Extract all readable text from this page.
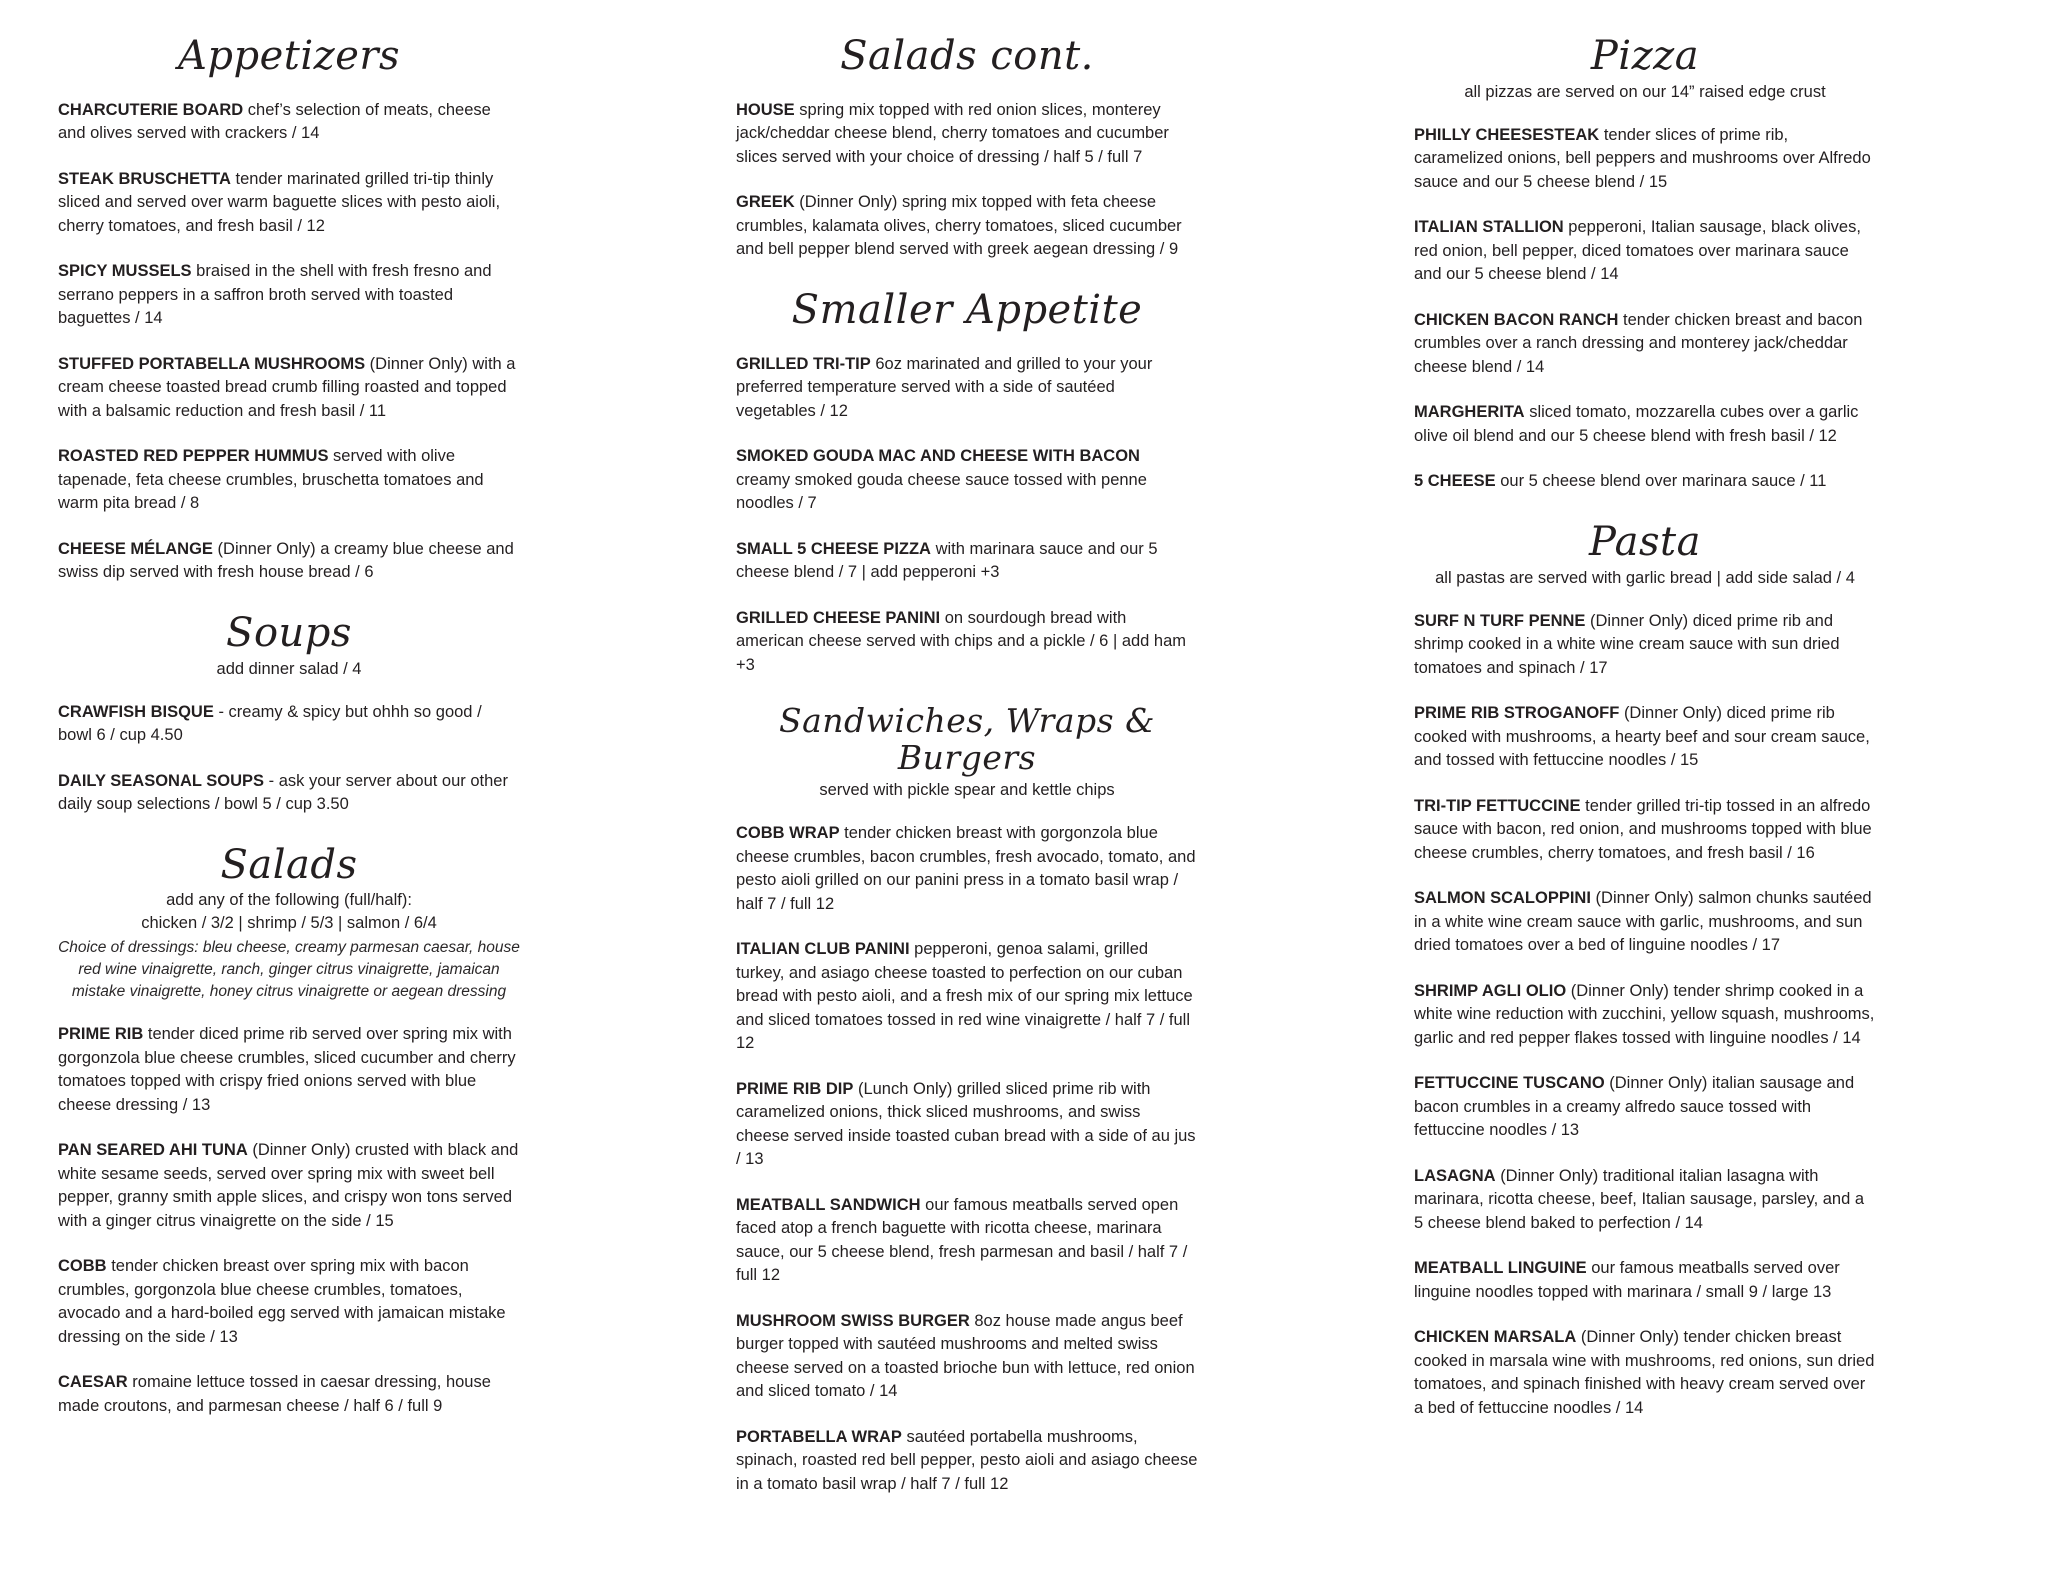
Appetizers

CHARCUTERIE BOARD chef’s selection of meats, cheese and olives served with crackers / 14

STEAK BRUSCHETTA tender marinated grilled tri-tip thinly sliced and served over warm baguette slices with pesto aioli, cherry tomatoes, and fresh basil / 12

SPICY MUSSELS braised in the shell with fresh fresno and serrano peppers in a saffron broth served with toasted baguettes / 14

STUFFED PORTABELLA MUSHROOMS (Dinner Only) with a cream cheese toasted bread crumb filling roasted and topped with a balsamic reduction and fresh basil / 11

ROASTED RED PEPPER HUMMUS served with olive tapenade, feta cheese crumbles, bruschetta tomatoes and warm pita bread / 8

CHEESE MÉLANGE (Dinner Only) a creamy blue cheese and swiss dip served with fresh house bread / 6

Soups

add dinner salad / 4

CRAWFISH BISQUE - creamy & spicy but ohhh so good / bowl 6 / cup 4.50

DAILY SEASONAL SOUPS - ask your server about our other daily soup selections / bowl 5 / cup 3.50

Salads

add any of the following (full/half):

chicken / 3/2 | shrimp / 5/3 | salmon / 6/4

Choice of dressings: bleu cheese, creamy parmesan caesar, house red wine vinaigrette, ranch, ginger citrus vinaigrette, jamaican mistake vinaigrette, honey citrus vinaigrette or aegean dressing

PRIME RIB tender diced prime rib served over spring mix with gorgonzola blue cheese crumbles, sliced cucumber and cherry tomatoes topped with crispy fried onions served with blue cheese dressing / 13

PAN SEARED AHI TUNA (Dinner Only) crusted with black and white sesame seeds, served over spring mix with sweet bell pepper, granny smith apple slices, and crispy won tons served with a ginger citrus vinaigrette on the side / 15

COBB tender chicken breast over spring mix with bacon crumbles, gorgonzola blue cheese crumbles, tomatoes, avocado and a hard-boiled egg served with jamaican mistake dressing on the side / 13

CAESAR romaine lettuce tossed in caesar dressing, house made croutons, and parmesan cheese / half 6 / full 9

Salads cont.

HOUSE spring mix topped with red onion slices, monterey jack/cheddar cheese blend, cherry tomatoes and cucumber slices served with your choice of dressing / half 5 / full 7

GREEK (Dinner Only) spring mix topped with feta cheese crumbles, kalamata olives, cherry tomatoes, sliced cucumber and bell pepper blend served with greek aegean dressing / 9

Smaller Appetite

GRILLED TRI-TIP 6oz marinated and grilled to your your preferred temperature served with a side of sautéed vegetables / 12

SMOKED GOUDA MAC AND CHEESE WITH BACON creamy smoked gouda cheese sauce tossed with penne noodles / 7

SMALL 5 CHEESE PIZZA with marinara sauce and our 5 cheese blend / 7 | add pepperoni +3

GRILLED CHEESE PANINI on sourdough bread with american cheese served with chips and a pickle / 6 | add ham +3

Sandwiches, Wraps & Burgers

served with pickle spear and kettle chips

COBB WRAP tender chicken breast with gorgonzola blue cheese crumbles, bacon crumbles, fresh avocado, tomato, and pesto aioli grilled on our panini press in a tomato basil wrap / half 7 / full 12

ITALIAN CLUB PANINI pepperoni, genoa salami, grilled turkey, and asiago cheese toasted to perfection on our cuban bread with pesto aioli, and a fresh mix of our spring mix lettuce and sliced tomatoes tossed in red wine vinaigrette / half 7 / full 12

PRIME RIB DIP (Lunch Only) grilled sliced prime rib with caramelized onions, thick sliced mushrooms, and swiss cheese served inside toasted cuban bread with a side of au jus / 13

MEATBALL SANDWICH our famous meatballs served open faced atop a french baguette with ricotta cheese, marinara sauce, our 5 cheese blend, fresh parmesan and basil / half 7 / full 12

MUSHROOM SWISS BURGER 8oz house made angus beef burger topped with sautéed mushrooms and melted swiss cheese served on a toasted brioche bun with lettuce, red onion and sliced tomato / 14

PORTABELLA WRAP sautéed portabella mushrooms, spinach, roasted red bell pepper, pesto aioli and asiago cheese in a tomato basil wrap / half 7 / full 12

Pizza

all pizzas are served on our 14” raised edge crust

PHILLY CHEESESTEAK tender slices of prime rib, caramelized onions, bell peppers and mushrooms over Alfredo sauce and our 5 cheese blend / 15

ITALIAN STALLION pepperoni, Italian sausage, black olives, red onion, bell pepper, diced tomatoes over marinara sauce and our 5 cheese blend / 14

CHICKEN BACON RANCH tender chicken breast and bacon crumbles over a ranch dressing and monterey jack/cheddar cheese blend / 14

MARGHERITA sliced tomato, mozzarella cubes over a garlic olive oil blend and our 5 cheese blend with fresh basil / 12

5 CHEESE our 5 cheese blend over marinara sauce / 11

Pasta

all pastas are served with garlic bread | add side salad / 4

SURF N TURF PENNE (Dinner Only) diced prime rib and shrimp cooked in a white wine cream sauce with sun dried tomatoes and spinach / 17

PRIME RIB STROGANOFF (Dinner Only) diced prime rib cooked with mushrooms, a hearty beef and sour cream sauce, and tossed with fettuccine noodles / 15

TRI-TIP FETTUCCINE tender grilled tri-tip tossed in an alfredo sauce with bacon, red onion, and mushrooms topped with blue cheese crumbles, cherry tomatoes, and fresh basil / 16

SALMON SCALOPPINI (Dinner Only) salmon chunks sautéed in a white wine cream sauce with garlic, mushrooms, and sun dried tomatoes over a bed of linguine noodles / 17

SHRIMP AGLI OLIO (Dinner Only) tender shrimp cooked in a white wine reduction with zucchini, yellow squash, mushrooms, garlic and red pepper flakes tossed with linguine noodles / 14

FETTUCCINE TUSCANO (Dinner Only) italian sausage and bacon crumbles in a creamy alfredo sauce tossed with fettuccine noodles / 13

LASAGNA (Dinner Only) traditional italian lasagna with marinara, ricotta cheese, beef, Italian sausage, parsley, and a 5 cheese blend baked to perfection / 14

MEATBALL LINGUINE our famous meatballs served over linguine noodles topped with marinara / small 9 / large 13

CHICKEN MARSALA (Dinner Only) tender chicken breast cooked in marsala wine with mushrooms, red onions, sun dried tomatoes, and spinach finished with heavy cream served over a bed of fettuccine noodles / 14
